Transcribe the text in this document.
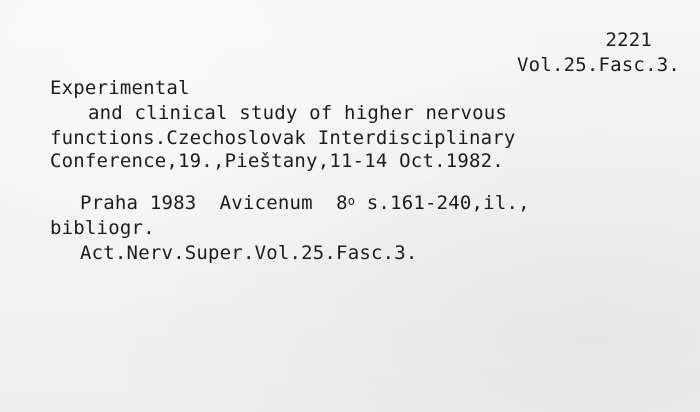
2221
Vol.25.Fasc.3.
Experimental
and clinical study of higher nervous
functions.Czechoslovak Interdisciplinary
Conference,19.,Pieštany,11-14 Oct.1982.
Praha 1983 Avicenum 8$^o$ s.161-240,il.,
bibliogr.
Act.Nerv.Super.Vol.25.Fasc.3.
